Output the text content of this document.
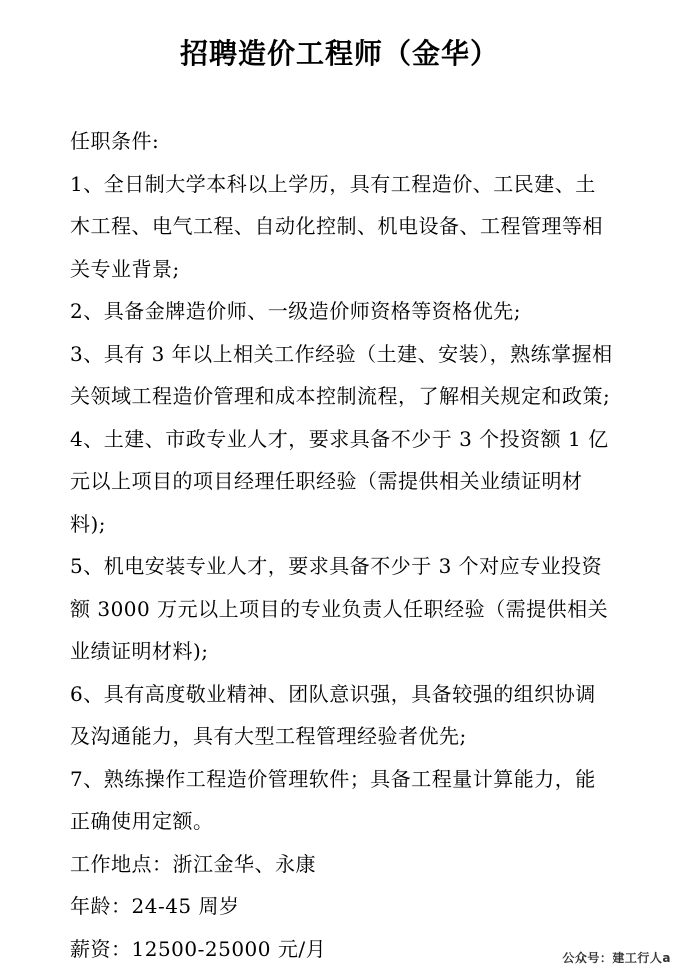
招聘造价工程师（金华）
任职条件:
1、全日制大学本科以上学历，具有工程造价、工民建、土
木工程、电气工程、自动化控制、机电设备、工程管理等相
关专业背景;
2、具备金牌造价师、一级造价师资格等资格优先;
3、具有 3 年以上相关工作经验（土建、安装），熟练掌握相
关领域工程造价管理和成本控制流程，了解相关规定和政策;
4、土建、市政专业人才，要求具备不少于 3 个投资额 1 亿
元以上项目的项目经理任职经验（需提供相关业绩证明材
料);
5、机电安装专业人才，要求具备不少于 3 个对应专业投资
额 3000 万元以上项目的专业负责人任职经验（需提供相关
业绩证明材料);
6、具有高度敬业精神、团队意识强，具备较强的组织协调
及沟通能力，具有大型工程管理经验者优先;
7、熟练操作工程造价管理软件；具备工程量计算能力，能
正确使用定额。
工作地点：浙江金华、永康
年龄：24-45 周岁
薪资：12500-25000 元/月	公众号：建工行人a
